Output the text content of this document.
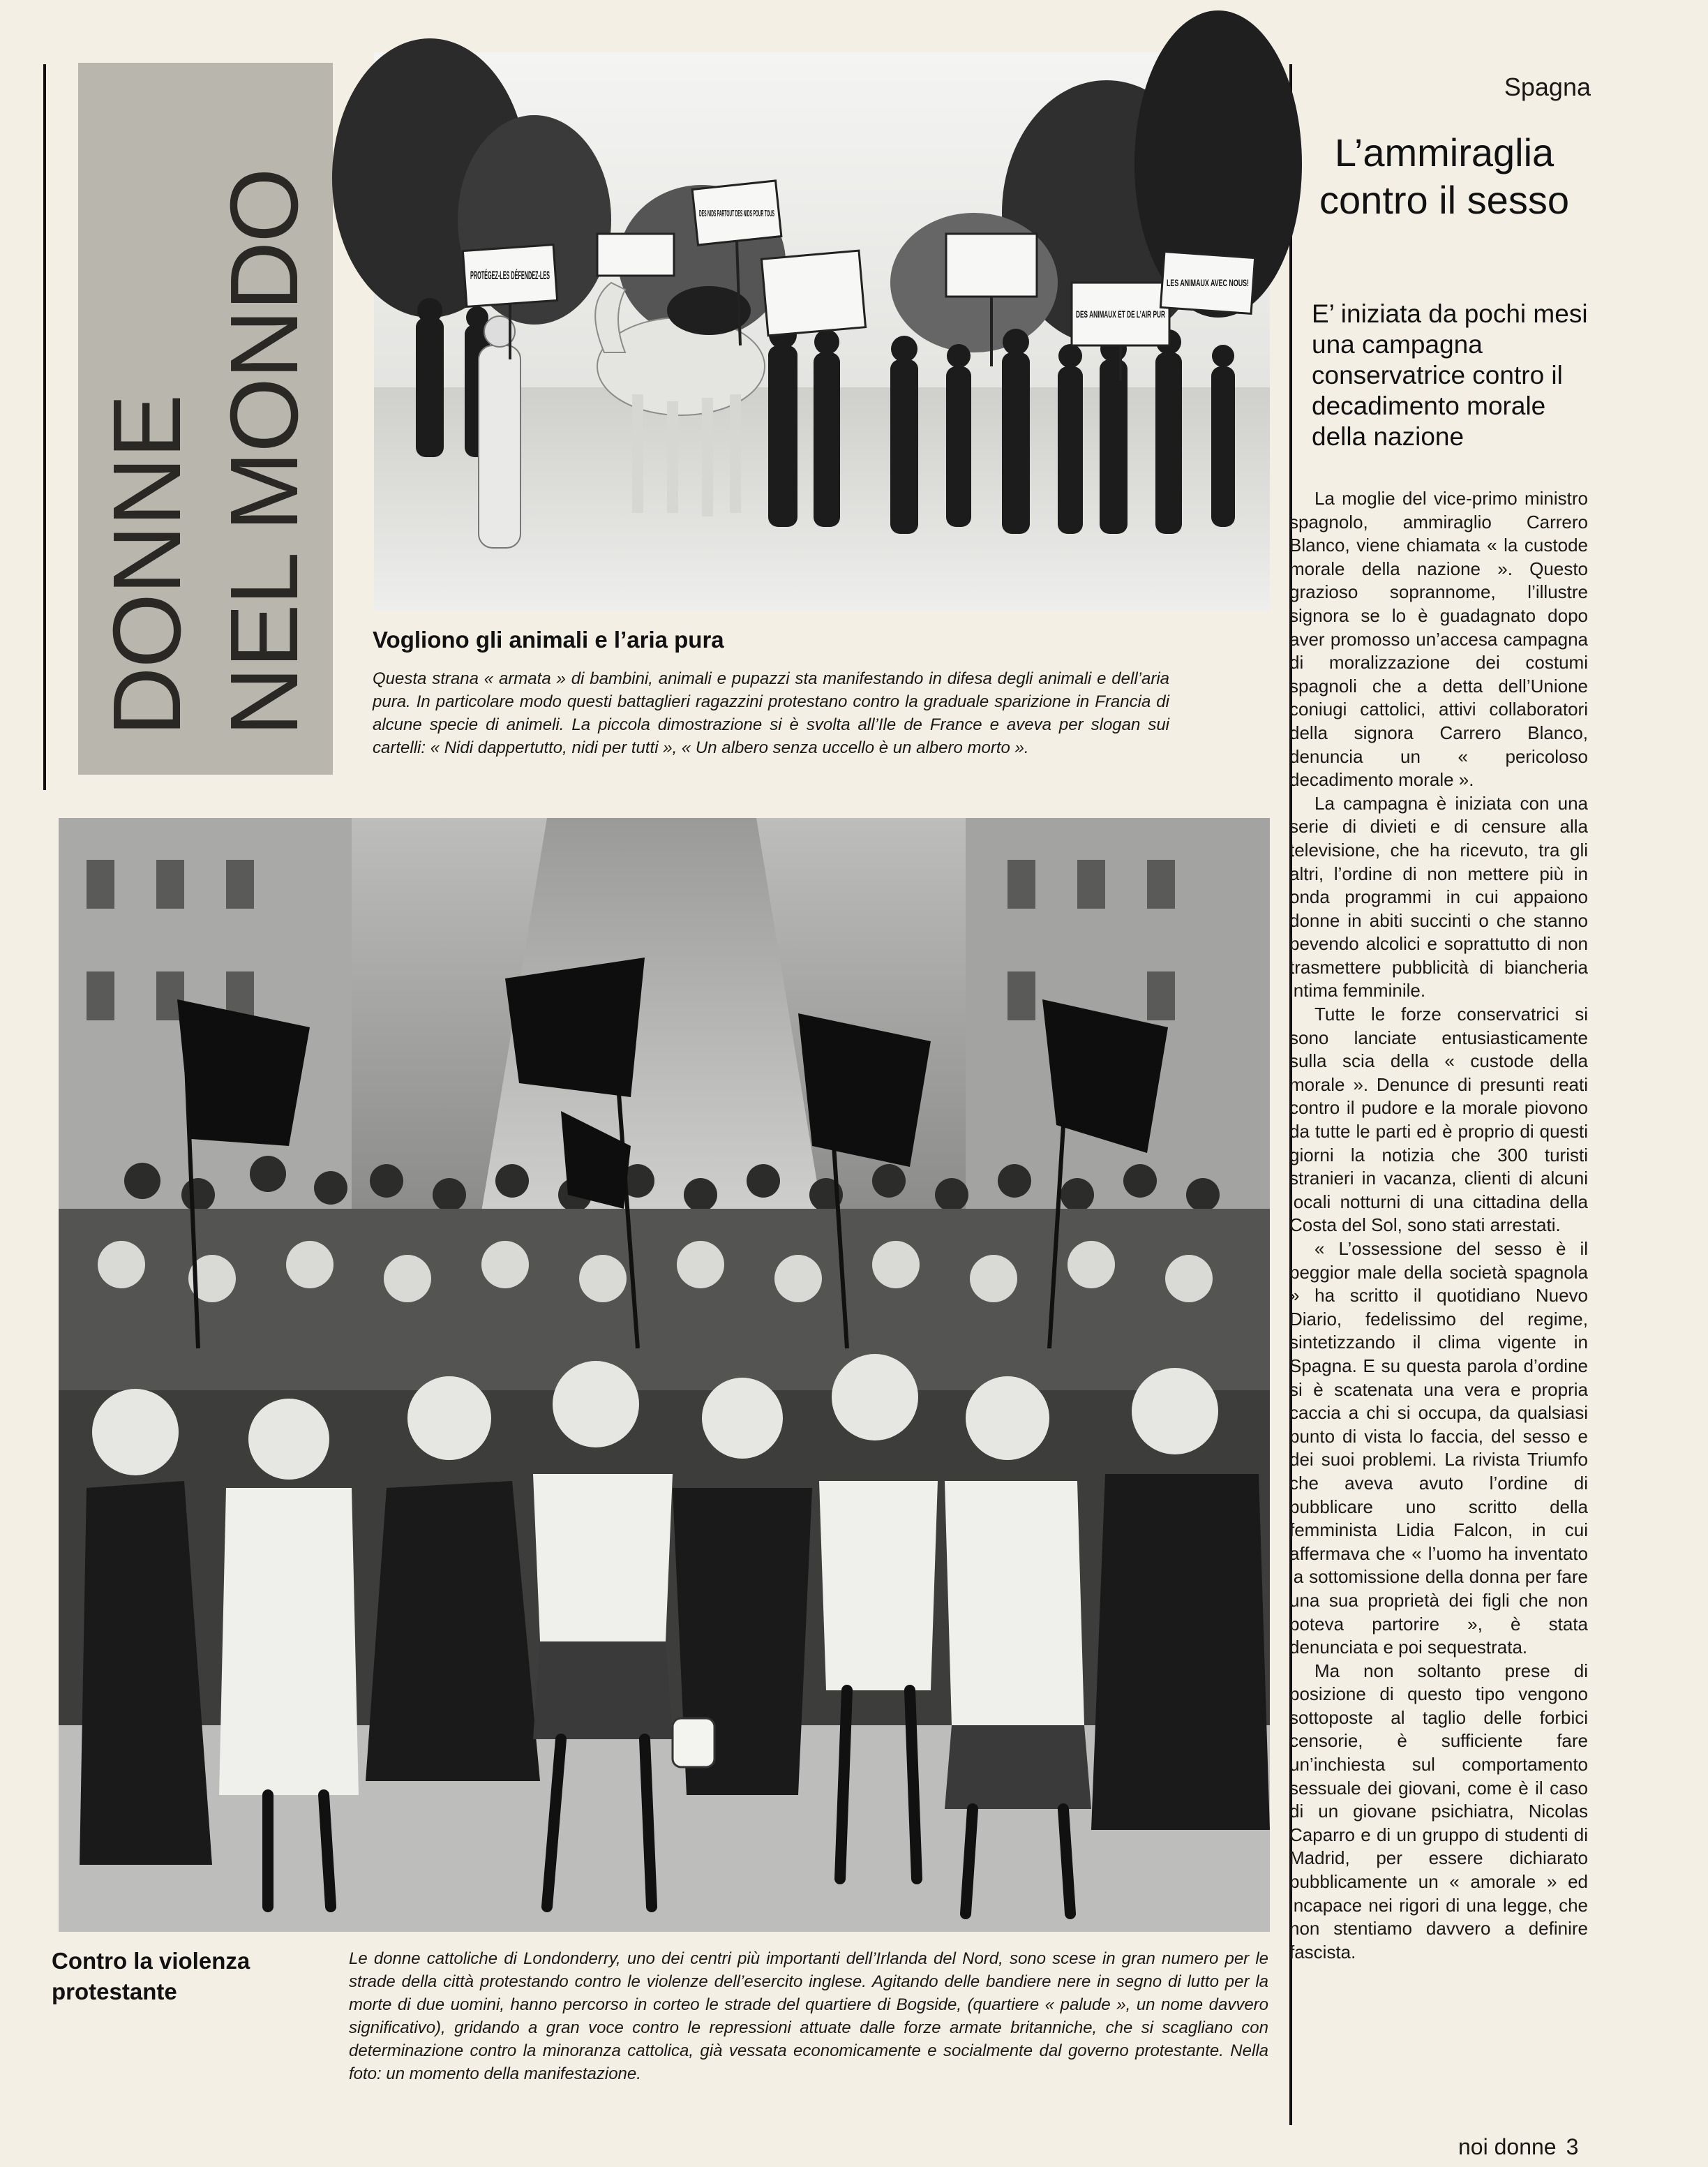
DONNE NEL MONDO	PROTÉGEZ-LES DÉFENDEZ-LES
DES NIDS PARTOUT DES NIDS POUR TOUS
DES ANIMAUX ET DE L’AIR PUR
LES ANIMAUX AVEC NOUS!
Vogliono gli animali e l’aria pura
Questa strana « armata » di bambini, animali e pupazzi sta manifestando in difesa degli animali e dell’aria pura. In particolare modo questi battaglieri ragazzini protestano contro la graduale sparizione in Francia di alcune specie di animeli. La piccola dimostrazione si è svolta all’Ile de France e aveva per slogan sui cartelli: « Nidi dappertutto, nidi per tutti », « Un albero senza uccello è un albero morto ».
Contro la violenza protestante
Le donne cattoliche di Londonderry, uno dei centri più importanti dell’Irlanda del Nord, sono scese in gran numero per le strade della città protestando contro le violenze dell’esercito inglese. Agitando delle bandiere nere in segno di lutto per la morte di due uomini, hanno percorso in corteo le strade del quartiere di Bogside, (quartiere « palude », un nome davvero significativo), gridando a gran voce contro le repressioni attuate dalle forze armate britanniche, che si scagliano con determinazione contro la minoranza cattolica, già vessata economicamente e socialmente dal governo protestante. Nella foto: un momento della manifestazione.
Spagna
L’ammiraglia contro il sesso
E’ iniziata da pochi mesi una campagna conservatrice contro il decadimento morale della nazione

La moglie del vice-primo ministro spagnolo, ammiraglio Carrero Blanco, viene chiamata « la custode morale della nazione ». Questo grazioso soprannome, l’illustre signora se lo è guadagnato dopo aver promosso un’accesa campagna di moralizzazione dei costumi spagnoli che a detta dell’Unione coniugi cattolici, attivi collaboratori della signora Carrero Blanco, denuncia un « pericoloso decadimento morale ».

La campagna è iniziata con una serie di divieti e di censure alla televisione, che ha ricevuto, tra gli altri, l’ordine di non mettere più in onda programmi in cui appaiono donne in abiti succinti o che stanno bevendo alcolici e soprattutto di non trasmettere pubblicità di biancheria intima femminile.

Tutte le forze conservatrici si sono lanciate entusiasticamente sulla scia della « custode della morale ». Denunce di presunti reati contro il pudore e la morale piovono da tutte le parti ed è proprio di questi giorni la notizia che 300 turisti stranieri in vacanza, clienti di alcuni locali notturni di una cittadina della Costa del Sol, sono stati arrestati.

« L’ossessione del sesso è il peggior male della società spagnola » ha scritto il quotidiano Nuevo Diario, fedelissimo del regime, sintetizzando il clima vigente in Spagna. E su questa parola d’ordine si è scatenata una vera e propria caccia a chi si occupa, da qualsiasi punto di vista lo faccia, del sesso e dei suoi problemi. La rivista Triumfo che aveva avuto l’ordine di pubblicare uno scritto della femminista Lidia Falcon, in cui affermava che « l’uomo ha inventato la sottomissione della donna per fare una sua proprietà dei figli che non poteva partorire », è stata denunciata e poi sequestrata.

Ma non soltanto prese di posizione di questo tipo vengono sottoposte al taglio delle forbici censorie, è sufficiente fare un’inchiesta sul comportamento sessuale dei giovani, come è il caso di un giovane psichiatra, Nicolas Caparro e di un gruppo di studenti di Madrid, per essere dichiarato pubblicamente un « amorale » ed incapace nei rigori di una legge, che non stentiamo davvero a definire fascista.

noi donne 3
